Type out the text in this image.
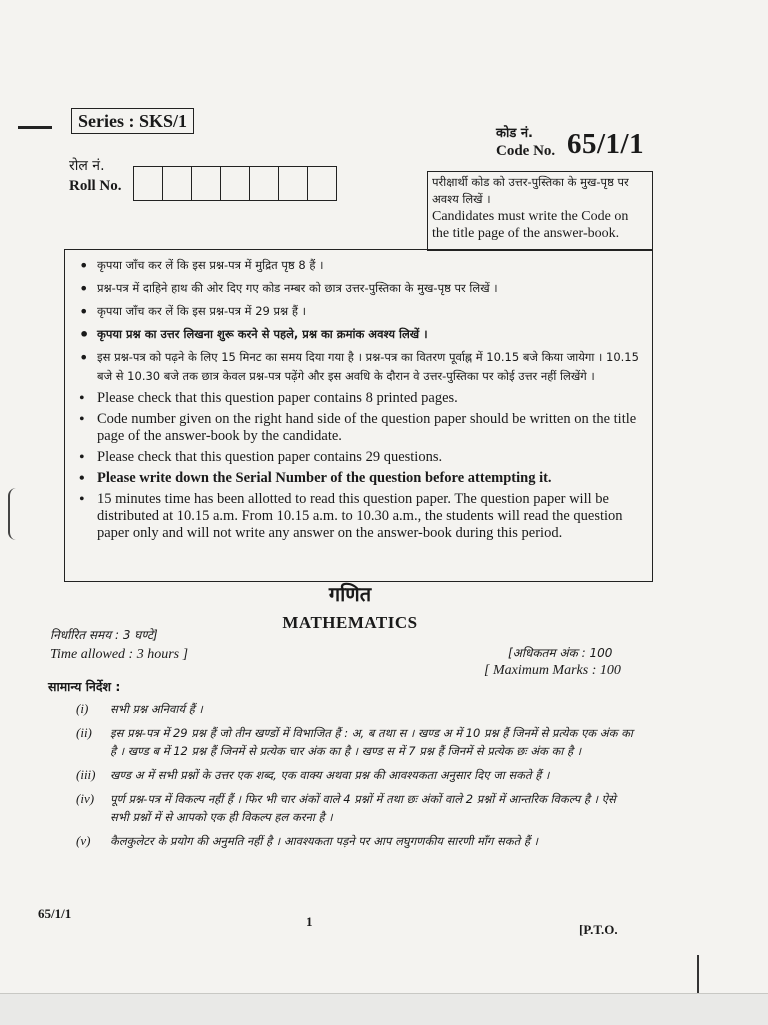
Series : SKS/1
रोल नं.
Roll No.
कोड नं.
Code No. 65/1/1
परीक्षार्थी कोड को उत्तर-पुस्तिका के मुख-पृष्ठ पर अवश्य लिखें ।
Candidates must write the Code on the title page of the answer-book.
• कृपया जाँच कर लें कि इस प्रश्न-पत्र में मुद्रित पृष्ठ 8 हैं ।
• प्रश्न-पत्र में दाहिने हाथ की ओर दिए गए कोड नम्बर को छात्र उत्तर-पुस्तिका के मुख-पृष्ठ पर लिखें ।
• कृपया जाँच कर लें कि इस प्रश्न-पत्र में 29 प्रश्न हैं ।
• कृपया प्रश्न का उत्तर लिखना शुरू करने से पहले, प्रश्न का क्रमांक अवश्य लिखें ।
• इस प्रश्न-पत्र को पढ़ने के लिए 15 मिनट का समय दिया गया है । प्रश्न-पत्र का वितरण पूर्वाह्न में 10.15 बजे किया जायेगा । 10.15 बजे से 10.30 बजे तक छात्र केवल प्रश्न-पत्र पढ़ेंगे और इस अवधि के दौरान वे उत्तर-पुस्तिका पर कोई उत्तर नहीं लिखेंगे ।
• Please check that this question paper contains 8 printed pages.
• Code number given on the right hand side of the question paper should be written on the title page of the answer-book by the candidate.
• Please check that this question paper contains 29 questions.
• Please write down the Serial Number of the question before attempting it.
• 15 minutes time has been allotted to read this question paper. The question paper will be distributed at 10.15 a.m. From 10.15 a.m. to 10.30 a.m., the students will read the question paper only and will not write any answer on the answer-book during this period.
गणित
MATHEMATICS
निर्धारित समय : 3 घण्टे]
Time allowed : 3 hours ]	[अधिकतम अंक : 100
[ Maximum Marks : 100
सामान्य निर्देश :
(i)	सभी प्रश्न अनिवार्य हैं ।
(ii)	इस प्रश्न-पत्र में 29 प्रश्न हैं जो तीन खण्डों में विभाजित हैं : अ, ब तथा स । खण्ड अ में 10 प्रश्न हैं जिनमें से प्रत्येक एक अंक का है । खण्ड ब में 12 प्रश्न हैं जिनमें से प्रत्येक चार अंक का है । खण्ड स में 7 प्रश्न हैं जिनमें से प्रत्येक छः अंक का है ।
(iii)	खण्ड अ में सभी प्रश्नों के उत्तर एक शब्द, एक वाक्य अथवा प्रश्न की आवश्यकता अनुसार दिए जा सकते हैं ।
(iv)	पूर्ण प्रश्न-पत्र में विकल्प नहीं हैं । फिर भी चार अंकों वाले 4 प्रश्नों में तथा छः अंकों वाले 2 प्रश्नों में आन्तरिक विकल्प है । ऐसे सभी प्रश्नों में से आपको एक ही विकल्प हल करना है ।
(v)	कैलकुलेटर के प्रयोग की अनुमति नहीं है । आवश्यकता पड़ने पर आप लघुगणकीय सारणी माँग सकते हैं ।
65/1/1
1
[P.T.O.
